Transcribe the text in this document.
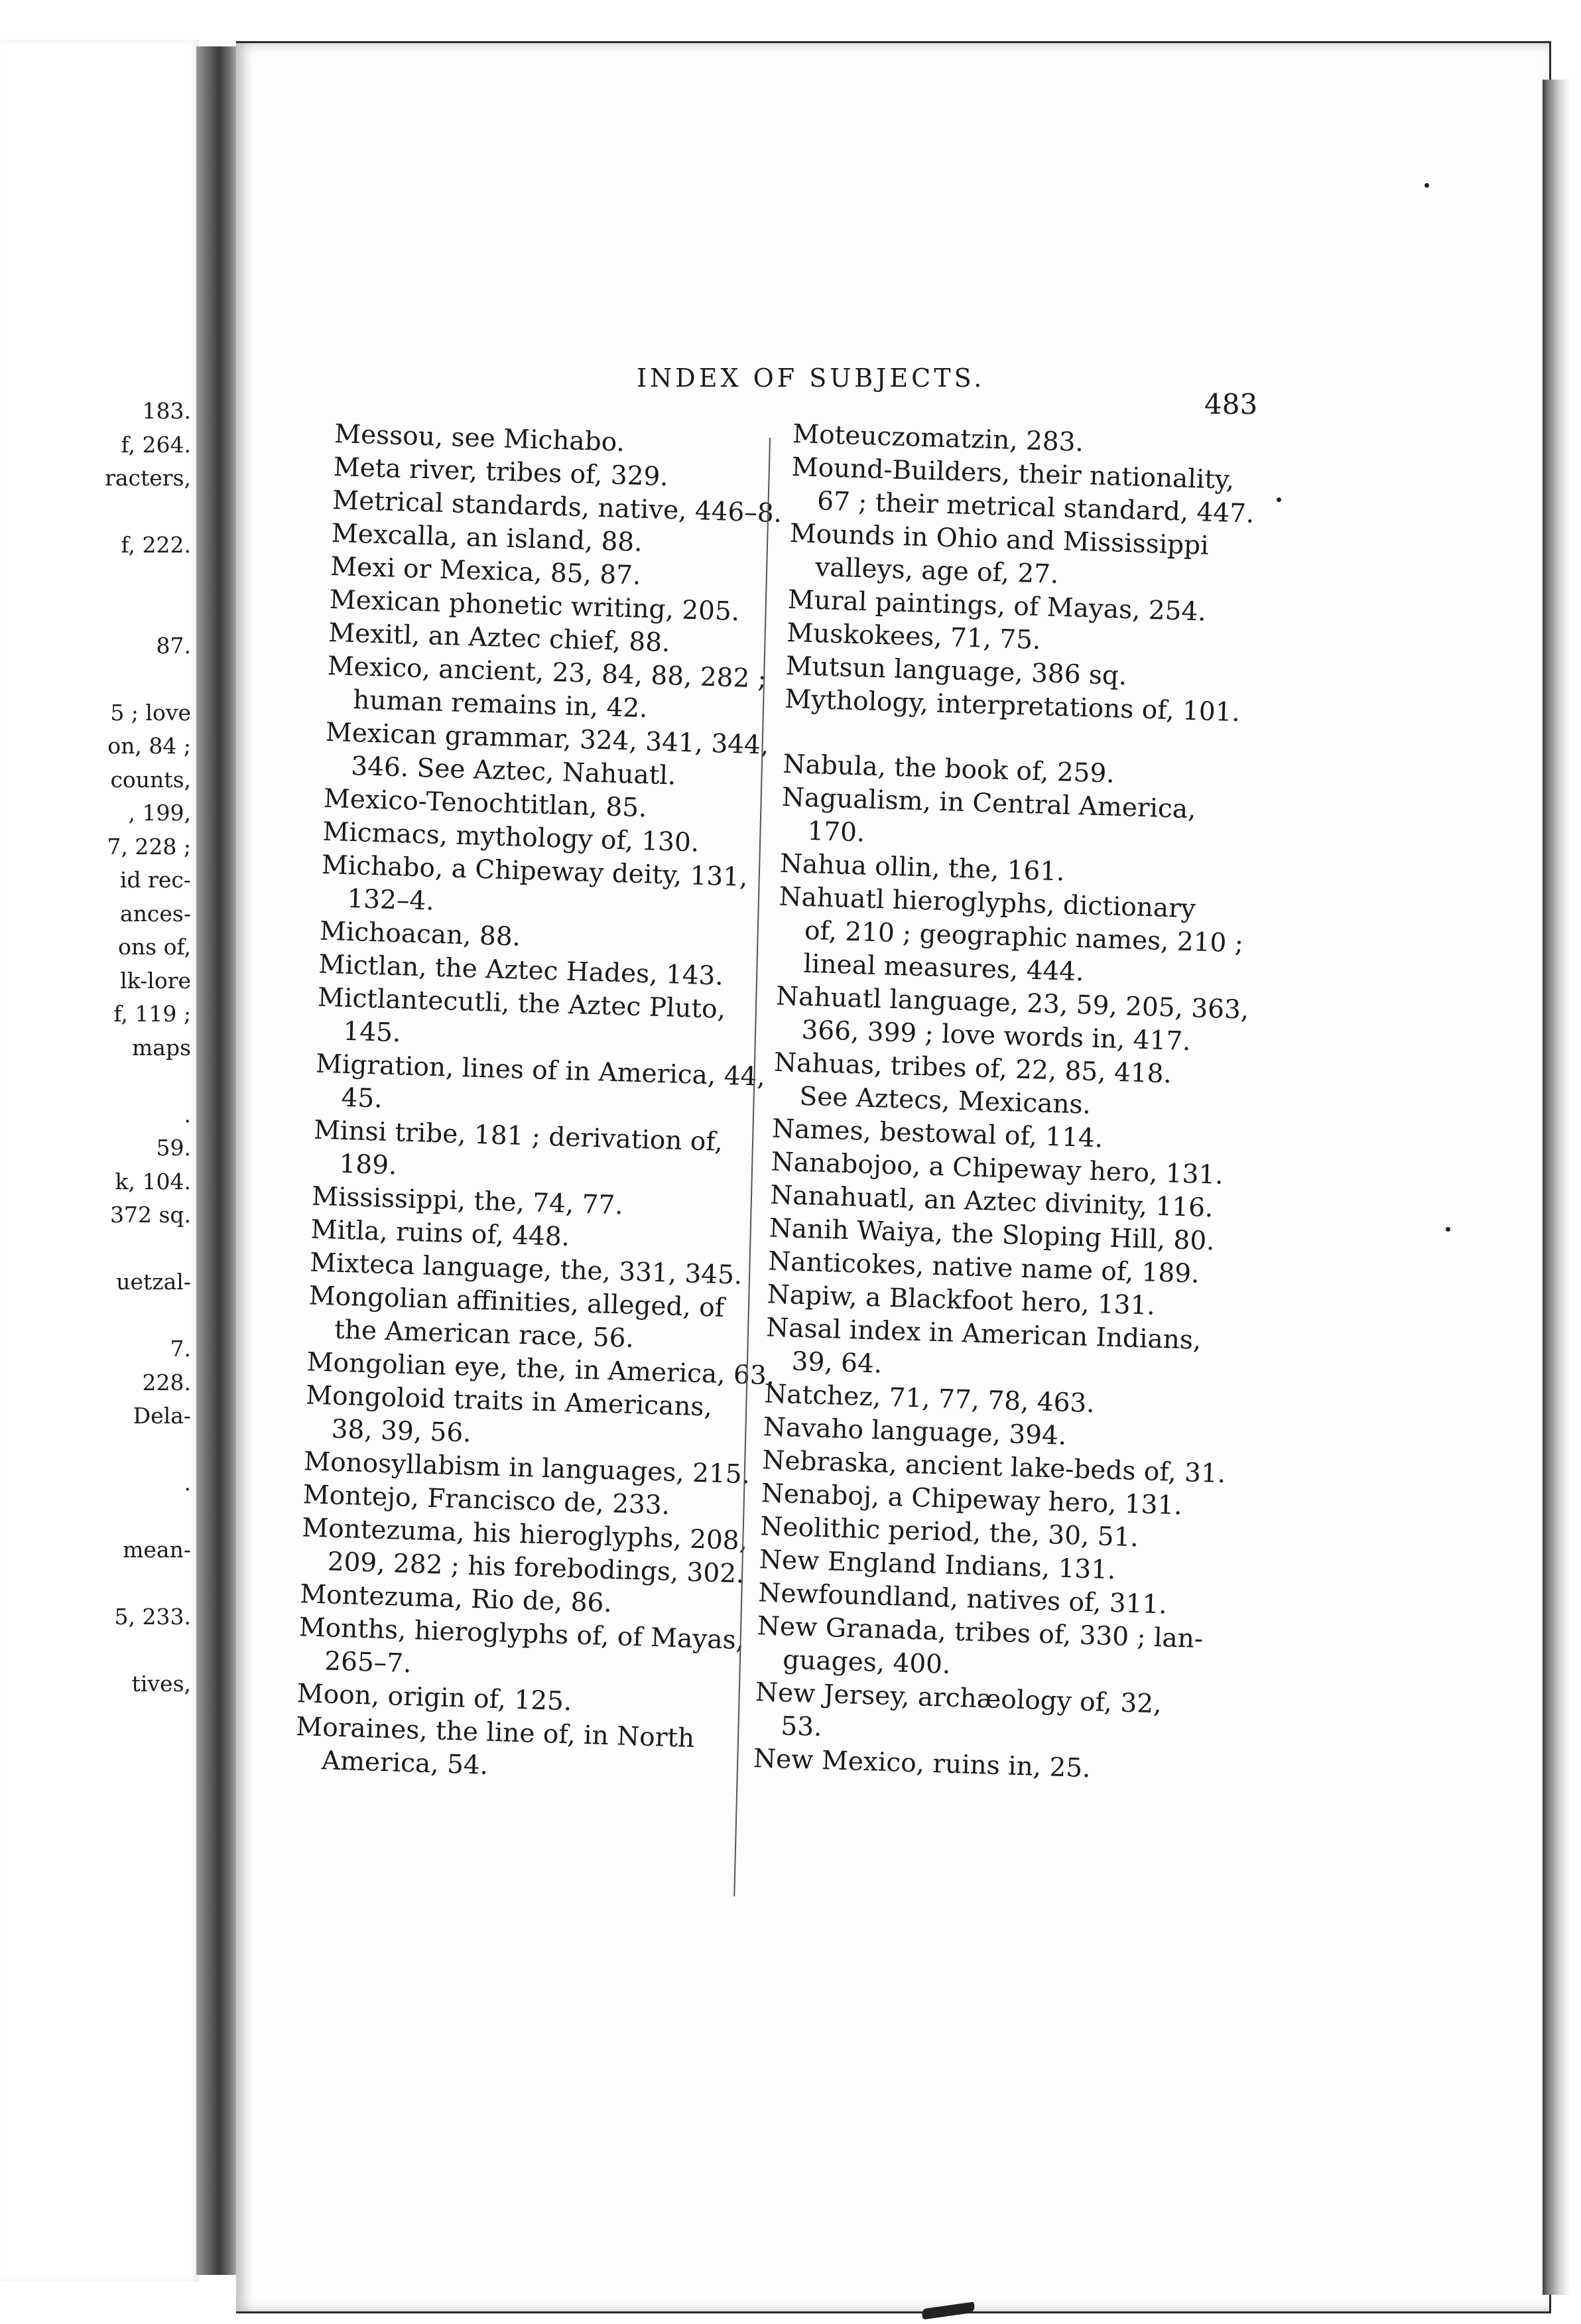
183.
f, 264.
racters,
f, 222.
87.
5 ; love
on, 84 ;
counts,
, 199,
7, 228 ;
id rec-
ances-
ons of,
lk-lore
f, 119 ;
maps
.
59.
k, 104.
372 sq.
uetzal-
7.
228.
Dela-
.
mean-
5, 233.
tives,
INDEX OF SUBJECTS.
483
Messou, see Michabo.
Meta river, tribes of, 329.
Metrical standards, native, 446–8.
Mexcalla, an island, 88.
Mexi or Mexica, 85, 87.
Mexican phonetic writing, 205.
Mexitl, an Aztec chief, 88.
Mexico, ancient, 23, 84, 88, 282 ;
human remains in, 42.
Mexican grammar, 324, 341, 344,
346. See Aztec, Nahuatl.
Mexico-Tenochtitlan, 85.
Micmacs, mythology of, 130.
Michabo, a Chipeway deity, 131,
132–4.
Michoacan, 88.
Mictlan, the Aztec Hades, 143.
Mictlantecutli, the Aztec Pluto,
145.
Migration, lines of in America, 44,
45.
Minsi tribe, 181 ; derivation of,
189.
Mississippi, the, 74, 77.
Mitla, ruins of, 448.
Mixteca language, the, 331, 345.
Mongolian affinities, alleged, of
the American race, 56.
Mongolian eye, the, in America, 63.
Mongoloid traits in Americans,
38, 39, 56.
Monosyllabism in languages, 215.
Montejo, Francisco de, 233.
Montezuma, his hieroglyphs, 208,
209, 282 ; his forebodings, 302.
Montezuma, Rio de, 86.
Months, hieroglyphs of, of Mayas,
265–7.
Moon, origin of, 125.
Moraines, the line of, in North
America, 54.
Moteuczomatzin, 283.
Mound-Builders, their nationality,
67 ; their metrical standard, 447.
Mounds in Ohio and Mississippi
valleys, age of, 27.
Mural paintings, of Mayas, 254.
Muskokees, 71, 75.
Mutsun language, 386 sq.
Mythology, interpretations of, 101.
Nabula, the book of, 259.
Nagualism, in Central America,
170.
Nahua ollin, the, 161.
Nahuatl hieroglyphs, dictionary
of, 210 ; geographic names, 210 ;
lineal measures, 444.
Nahuatl language, 23, 59, 205, 363,
366, 399 ; love words in, 417.
Nahuas, tribes of, 22, 85, 418.
See Aztecs, Mexicans.
Names, bestowal of, 114.
Nanabojoo, a Chipeway hero, 131.
Nanahuatl, an Aztec divinity, 116.
Nanih Waiya, the Sloping Hill, 80.
Nanticokes, native name of, 189.
Napiw, a Blackfoot hero, 131.
Nasal index in American Indians,
39, 64.
Natchez, 71, 77, 78, 463.
Navaho language, 394.
Nebraska, ancient lake-beds of, 31.
Nenaboj, a Chipeway hero, 131.
Neolithic period, the, 30, 51.
New England Indians, 131.
Newfoundland, natives of, 311.
New Granada, tribes of, 330 ; lan-
guages, 400.
New Jersey, archæology of, 32,
53.
New Mexico, ruins in, 25.
